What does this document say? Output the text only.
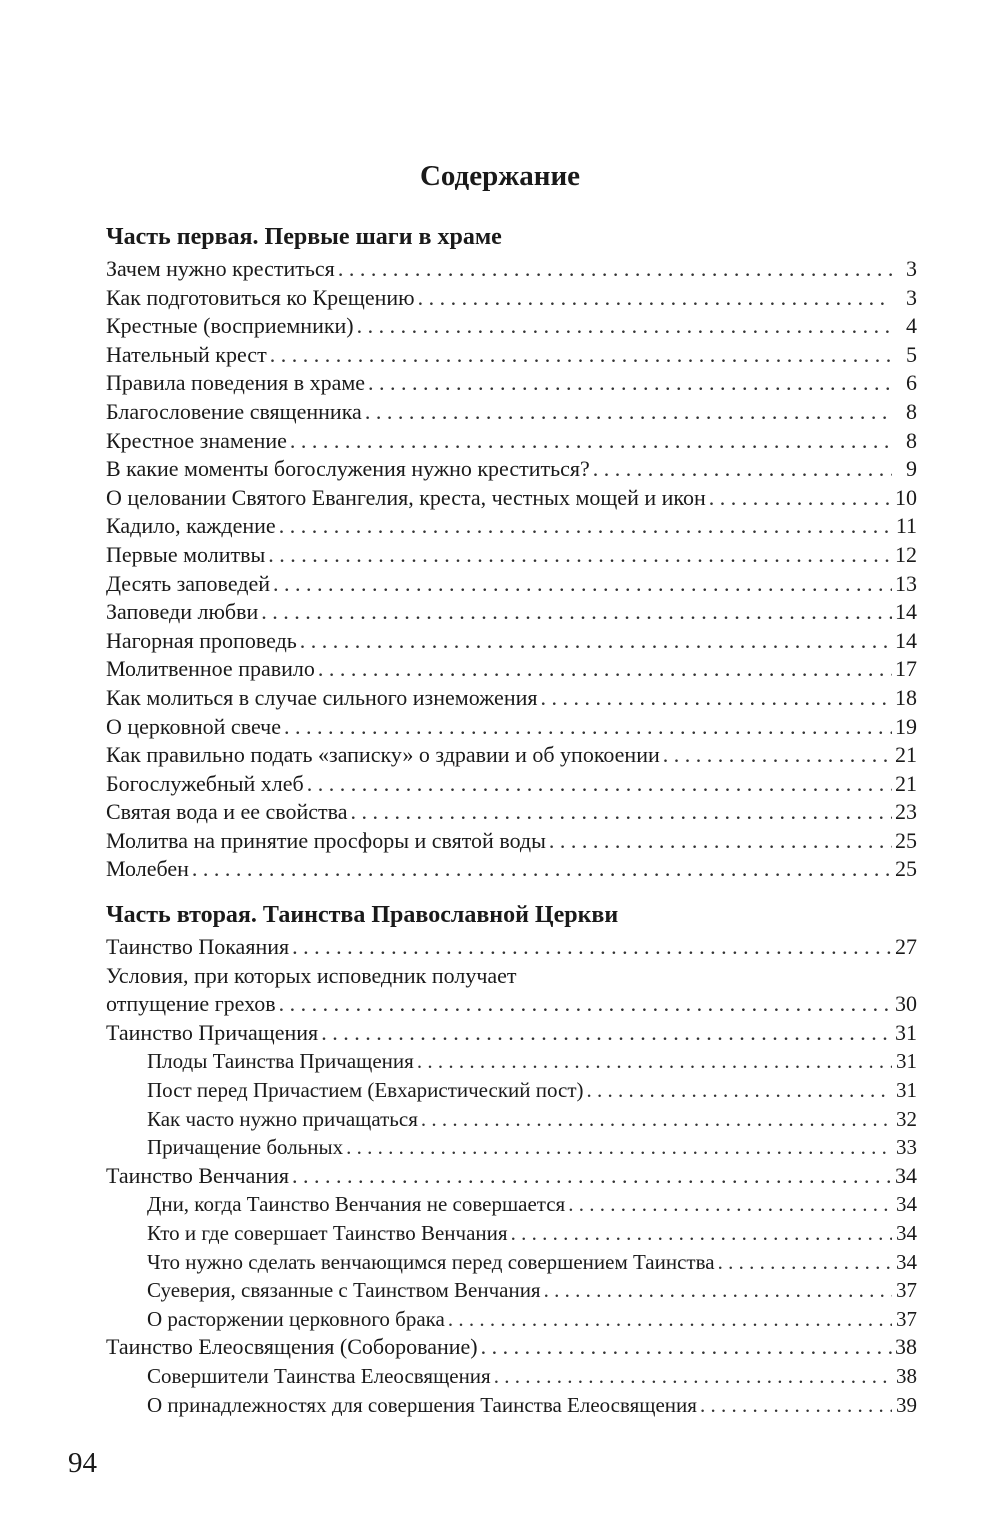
Содержание
Часть первая. Первые шаги в храме
Зачем нужно креститься . . .	3
Как подготовиться ко Крещению . . .	3
Крестные (восприемники) . . .	4
Нательный крест . . .	5
Правила поведения в храме . . .	6
Благословение священника . . .	8
Крестное знамение . . .	8
В какие моменты богослужения нужно креститься? . . .	9
О целовании Святого Евангелия, креста, честных мощей и икон . . .	10
Кадило, каждение . . .	11
Первые молитвы . . .	12
Десять заповедей . . .	13
Заповеди любви . . .	14
Нагорная проповедь . . .	14
Молитвенное правило . . .	17
Как молиться в случае сильного изнеможения . . .	18
О церковной свече . . .	19
Как правильно подать «записку» о здравии и об упокоении . . .	21
Богослужебный хлеб . . .	21
Святая вода и ее свойства . . .	23
Молитва на принятие просфоры и святой воды . . .	25
Молебен . . .	25
Часть вторая. Таинства Православной Церкви
Таинство Покаяния . . .	27
Условия, при которых исповедник получает
отпущение грехов . . .	30
Таинство Причащения . . .	31
Плоды Таинства Причащения . . .	31
Пост перед Причастием (Евхаристический пост) . . .	31
Как часто нужно причащаться . . .	32
Причащение больных . . .	33
Таинство Венчания . . .	34
Дни, когда Таинство Венчания не совершается . . .	34
Кто и где совершает Таинство Венчания . . .	34
Что нужно сделать венчающимся перед совершением Таинства . . .	34
Суеверия, связанные с Таинством Венчания . . .	37
О расторжении церковного брака . . .	37
Таинство Елеосвящения (Соборование) . . .	38
Совершители Таинства Елеосвящения . . .	38
О принадлежностях для совершения Таинства Елеосвящения . . .	39
94
